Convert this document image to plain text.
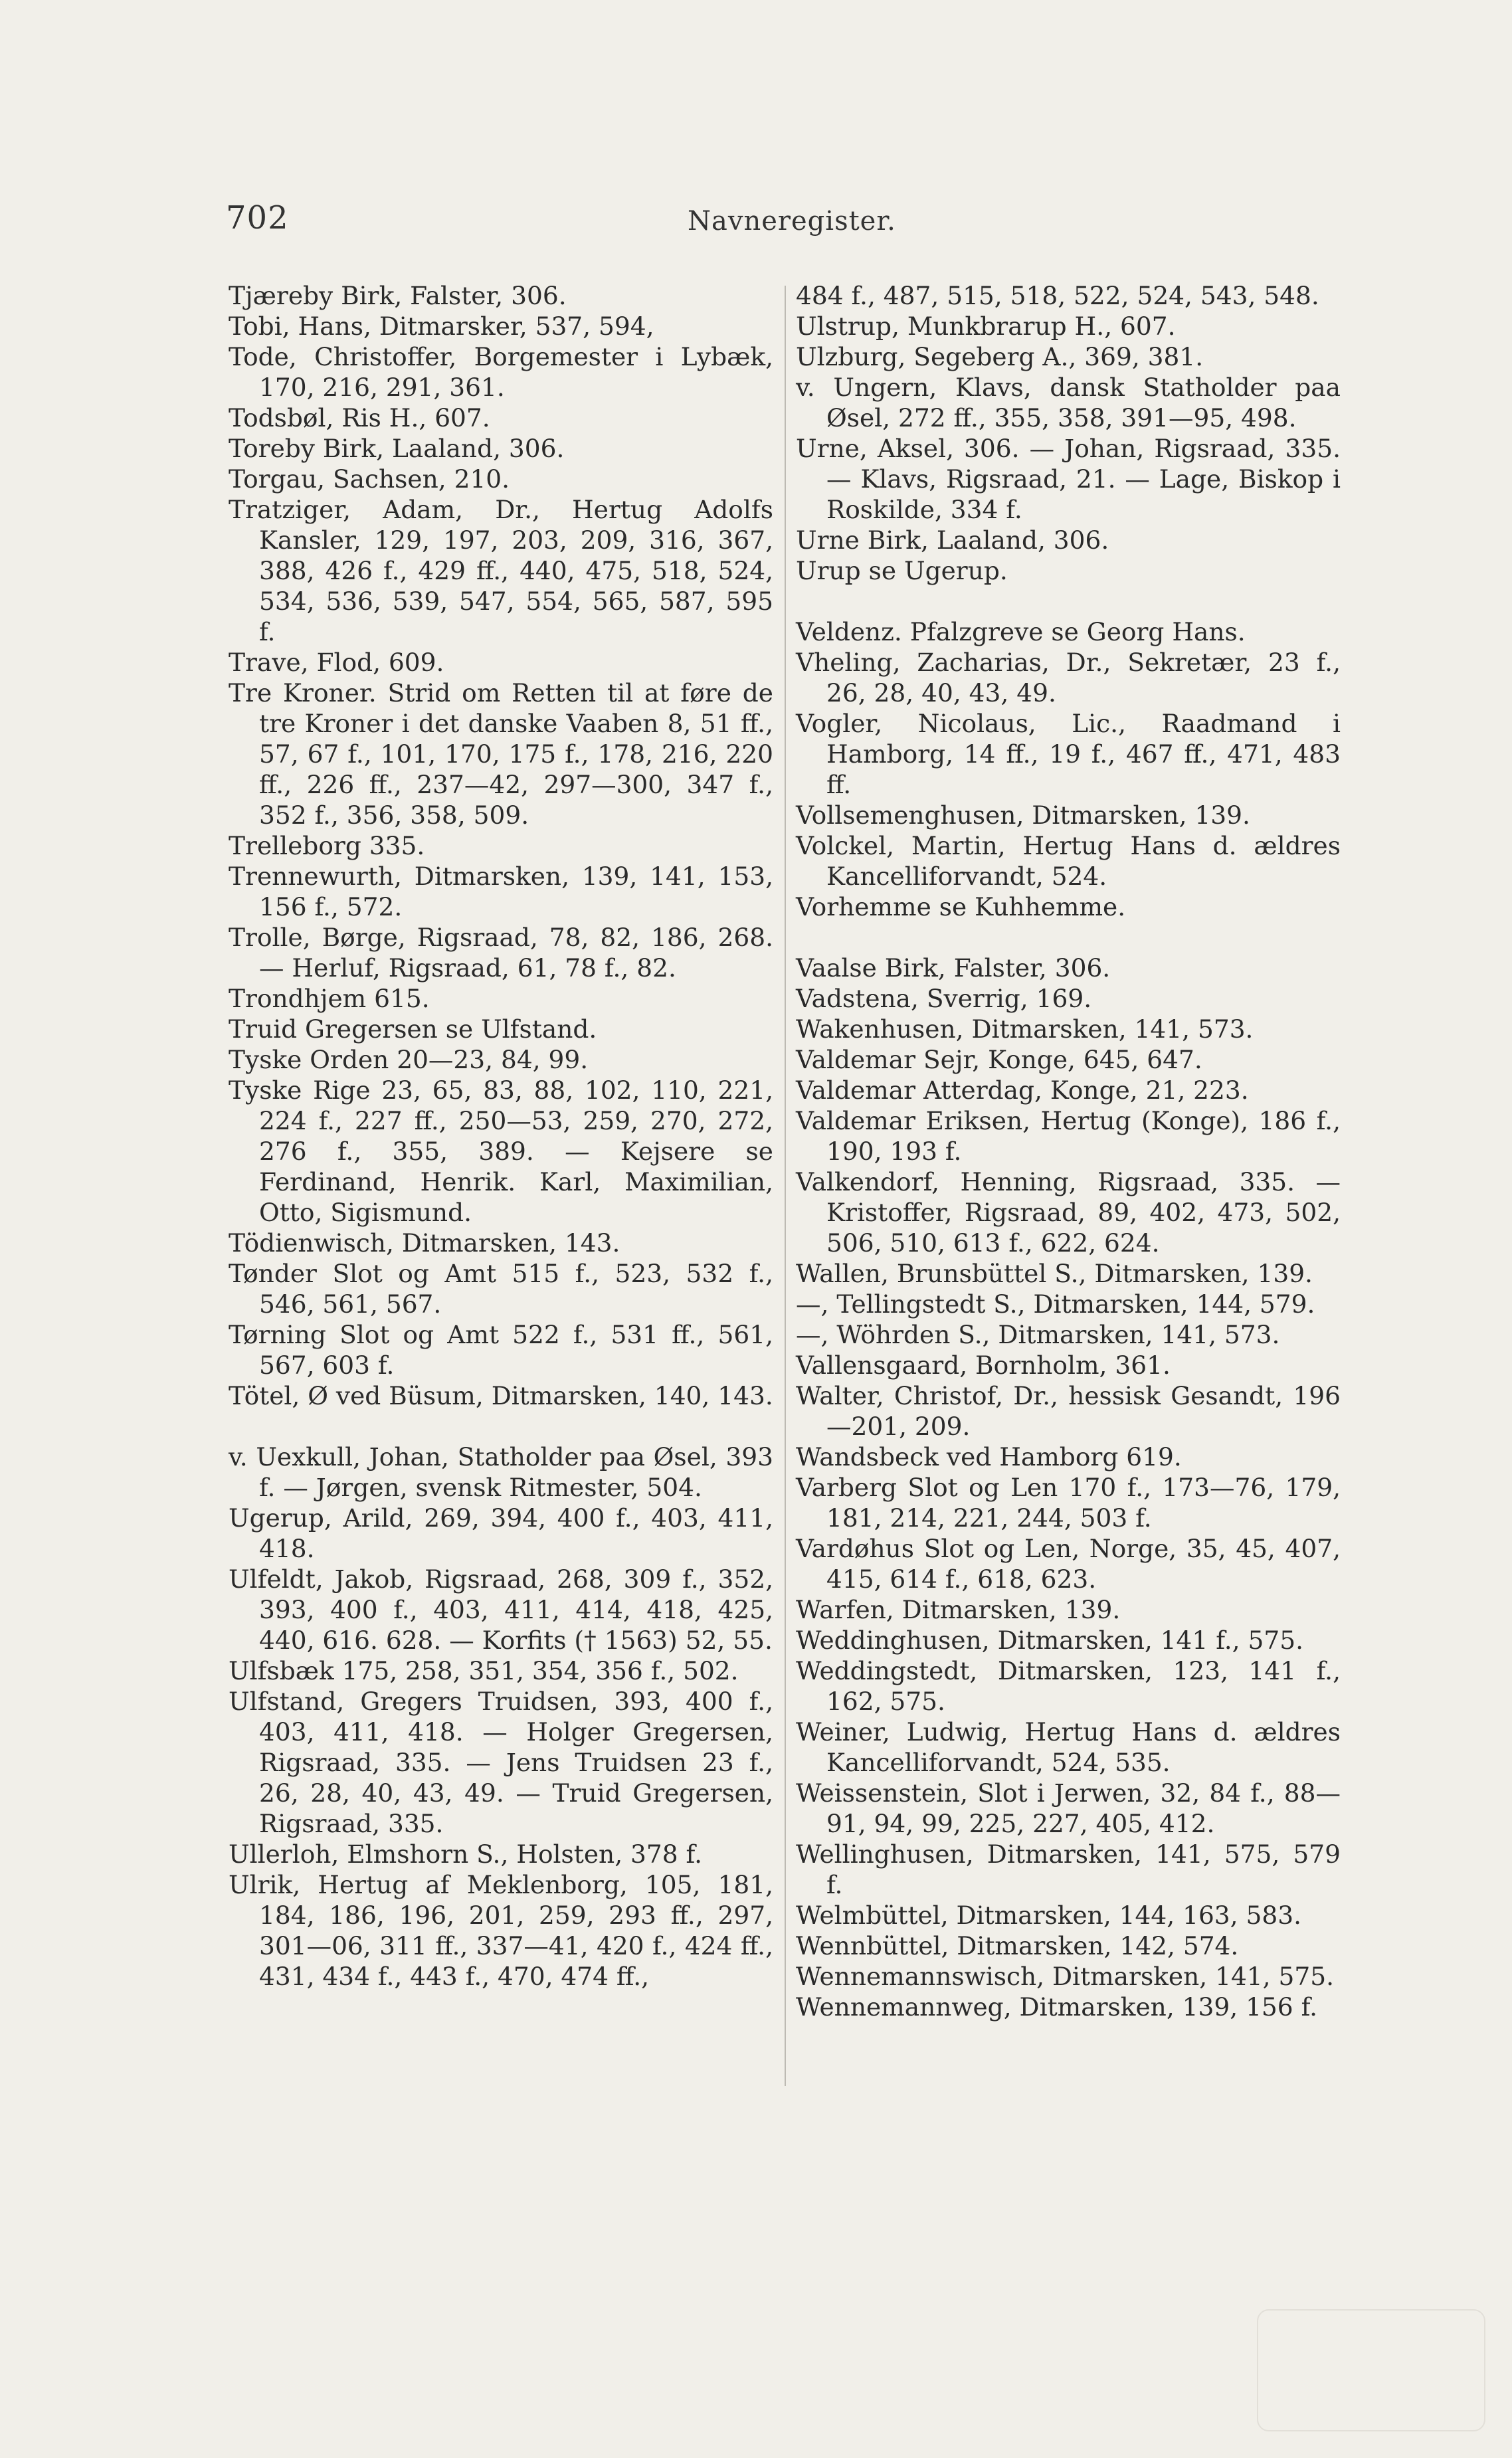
702	Navneregister.

Tjæreby Birk, Falster, 306.

Tobi, Hans, Ditmarsker, 537, 594,

Tode, Christoffer, Borgemester i Lybæk, 170, 216, 291, 361.

Todsbøl, Ris H., 607.

Toreby Birk, Laaland, 306.

Torgau, Sachsen, 210.

Tratziger, Adam, Dr., Hertug Adolfs Kansler, 129, 197, 203, 209, 316, 367, 388, 426 f., 429 ff., 440, 475, 518, 524, 534, 536, 539, 547, 554, 565, 587, 595 f.

Trave, Flod, 609.

Tre Kroner. Strid om Retten til at føre de tre Kroner i det danske Vaaben 8, 51 ff., 57, 67 f., 101, 170, 175 f., 178, 216, 220 ff., 226 ff., 237—42, 297—300, 347 f., 352 f., 356, 358, 509.

Trelleborg 335.

Trennewurth, Ditmarsken, 139, 141, 153, 156 f., 572.

Trolle, Børge, Rigsraad, 78, 82, 186, 268. — Herluf, Rigsraad, 61, 78 f., 82.

Trondhjem 615.

Truid Gregersen se Ulfstand.

Tyske Orden 20—23, 84, 99.

Tyske Rige 23, 65, 83, 88, 102, 110, 221, 224 f., 227 ff., 250—53, 259, 270, 272, 276 f., 355, 389. — Kejsere se Ferdinand, Henrik. Karl, Maximilian, Otto, Sigismund.

Tödienwisch, Ditmarsken, 143.

Tønder Slot og Amt 515 f., 523, 532 f., 546, 561, 567.

Tørning Slot og Amt 522 f., 531 ff., 561, 567, 603 f.

Tötel, Ø ved Büsum, Ditmarsken, 140, 143.

v. Uexkull, Johan, Statholder paa Øsel, 393 f. — Jørgen, svensk Ritmester, 504.

Ugerup, Arild, 269, 394, 400 f., 403, 411, 418.

Ulfeldt, Jakob, Rigsraad, 268, 309 f., 352, 393, 400 f., 403, 411, 414, 418, 425, 440, 616. 628. — Korfits († 1563) 52, 55.

Ulfsbæk 175, 258, 351, 354, 356 f., 502.

Ulfstand, Gregers Truidsen, 393, 400 f., 403, 411, 418. — Holger Gregersen, Rigsraad, 335. — Jens Truidsen 23 f., 26, 28, 40, 43, 49. — Truid Gregersen, Rigsraad, 335.

Ullerloh, Elmshorn S., Holsten, 378 f.

Ulrik, Hertug af Meklenborg, 105, 181, 184, 186, 196, 201, 259, 293 ff., 297, 301—06, 311 ff., 337—41, 420 f., 424 ff., 431, 434 f., 443 f., 470, 474 ff.,

484 f., 487, 515, 518, 522, 524, 543, 548.

Ulstrup, Munkbrarup H., 607.

Ulzburg, Segeberg A., 369, 381.

v. Ungern, Klavs, dansk Statholder paa Øsel, 272 ff., 355, 358, 391—95, 498.

Urne, Aksel, 306. — Johan, Rigsraad, 335. — Klavs, Rigsraad, 21. — Lage, Biskop i Roskilde, 334 f.

Urne Birk, Laaland, 306.

Urup se Ugerup.

Veldenz. Pfalzgreve se Georg Hans.

Vheling, Zacharias, Dr., Sekretær, 23 f., 26, 28, 40, 43, 49.

Vogler, Nicolaus, Lic., Raadmand i Hamborg, 14 ff., 19 f., 467 ff., 471, 483 ff.

Vollsemenghusen, Ditmarsken, 139.

Volckel, Martin, Hertug Hans d. ældres Kancelliforvandt, 524.

Vorhemme se Kuhhemme.

Vaalse Birk, Falster, 306.

Vadstena, Sverrig, 169.

Wakenhusen, Ditmarsken, 141, 573.

Valdemar Sejr, Konge, 645, 647.

Valdemar Atterdag, Konge, 21, 223.

Valdemar Eriksen, Hertug (Konge), 186 f., 190, 193 f.

Valkendorf, Henning, Rigsraad, 335. — Kristoffer, Rigsraad, 89, 402, 473, 502, 506, 510, 613 f., 622, 624.

Wallen, Brunsbüttel S., Ditmarsken, 139.

—, Tellingstedt S., Ditmarsken, 144, 579.

—, Wöhrden S., Ditmarsken, 141, 573.

Vallensgaard, Bornholm, 361.

Walter, Christof, Dr., hessisk Gesandt, 196—201, 209.

Wandsbeck ved Hamborg 619.

Varberg Slot og Len 170 f., 173—76, 179, 181, 214, 221, 244, 503 f.

Vardøhus Slot og Len, Norge, 35, 45, 407, 415, 614 f., 618, 623.

Warfen, Ditmarsken, 139.

Weddinghusen, Ditmarsken, 141 f., 575.

Weddingstedt, Ditmarsken, 123, 141 f., 162, 575.

Weiner, Ludwig, Hertug Hans d. ældres Kancelliforvandt, 524, 535.

Weissenstein, Slot i Jerwen, 32, 84 f., 88—91, 94, 99, 225, 227, 405, 412.

Wellinghusen, Ditmarsken, 141, 575, 579 f.

Welmbüttel, Ditmarsken, 144, 163, 583.

Wennbüttel, Ditmarsken, 142, 574.

Wennemannswisch, Ditmarsken, 141, 575.

Wennemannweg, Ditmarsken, 139, 156 f.
